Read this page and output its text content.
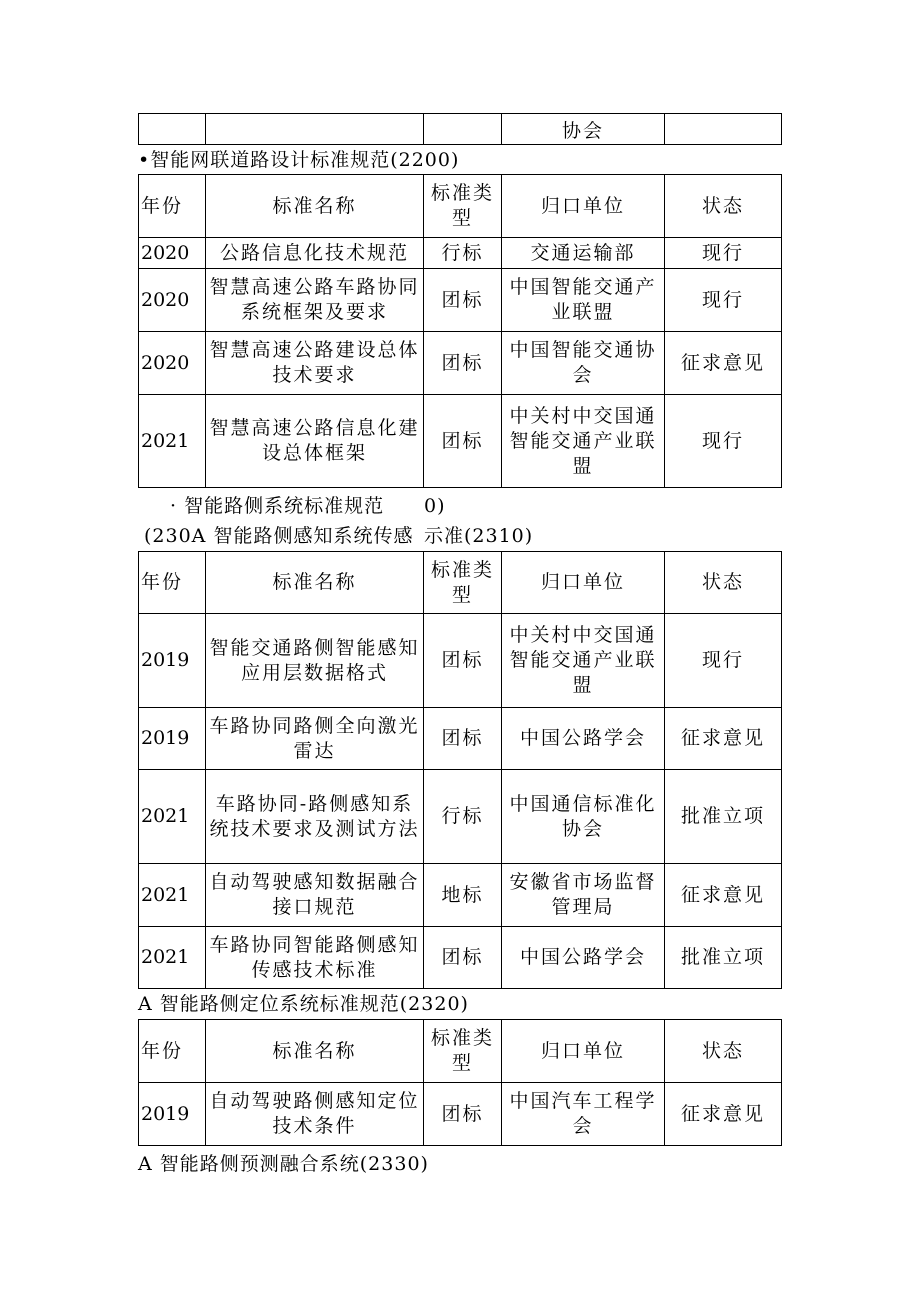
			协会	
•智能网联道路设计标准规范(2200)
年份	标准名称	标准类型	归口单位	状态
2020	公路信息化技术规范	行标	交通运输部	现行
2020	智慧高速公路车路协同系统框架及要求	团标	中国智能交通产业联盟	现行
2020	智慧高速公路建设总体技术要求	团标	中国智能交通协会	征求意见
2021	智慧高速公路信息化建设总体框架	团标	中关村中交国通智能交通产业联盟	现行
· 智能路侧系统标准规范 0)
(230A 智能路侧感知系统传感 示准(2310)
年份	标准名称	标准类型	归口单位	状态
2019	智能交通路侧智能感知应用层数据格式	团标	中关村中交国通智能交通产业联盟	现行
2019	车路协同路侧全向激光雷达	团标	中国公路学会	征求意见
2021	车路协同-路侧感知系统技术要求及测试方法	行标	中国通信标准化协会	批准立项
2021	自动驾驶感知数据融合接口规范	地标	安徽省市场监督管理局	征求意见
2021	车路协同智能路侧感知传感技术标准	团标	中国公路学会	批准立项
A 智能路侧定位系统标准规范(2320)
年份	标准名称	标准类型	归口单位	状态
2019	自动驾驶路侧感知定位技术条件	团标	中国汽车工程学会	征求意见
A 智能路侧预测融合系统(2330)
